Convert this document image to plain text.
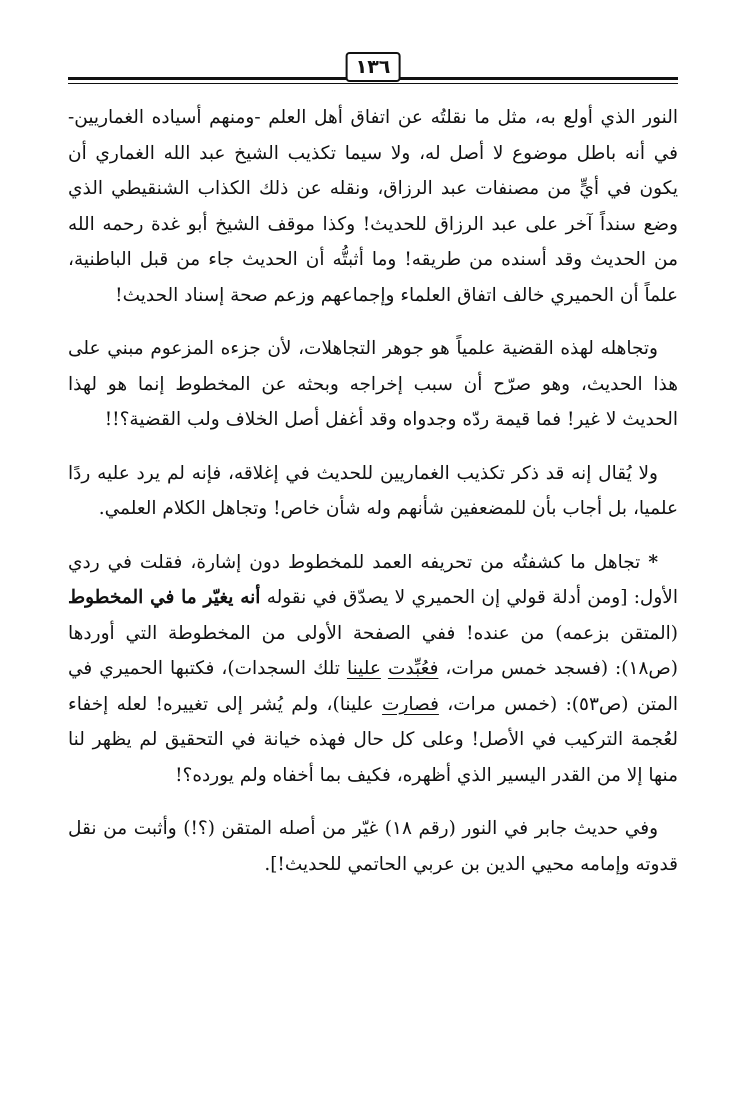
١٣٦

النور الذي أولع به، مثل ما نقلتُه عن اتفاق أهل العلم -ومنهم أسياده الغماريين- في أنه باطل موضوع لا أصل له، ولا سيما تكذيب الشيخ عبد الله الغماري أن يكون في أيٍّ من مصنفات عبد الرزاق، ونقله عن ذلك الكذاب الشنقيطي الذي وضع سنداً آخر على عبد الرزاق للحديث! وكذا موقف الشيخ أبو غدة رحمه الله من الحديث وقد أسنده من طريقه! وما أثبتُّه أن الحديث جاء من قبل الباطنية، علماً أن الحميري خالف اتفاق العلماء وإجماعهم وزعم صحة إسناد الحديث!

وتجاهله لهذه القضية علمياً هو جوهر التجاهلات، لأن جزءه المزعوم مبني على هذا الحديث، وهو صرّح أن سبب إخراجه وبحثه عن المخطوط إنما هو لهذا الحديث لا غير! فما قيمة ردّه وجدواه وقد أغفل أصل الخلاف ولب القضية؟!!

ولا يُقال إنه قد ذكر تكذيب الغماريين للحديث في إغلاقه، فإنه لم يرد عليه ردًا علميا، بل أجاب بأن للمضعفين شأنهم وله شأن خاص! وتجاهل الكلام العلمي.

* تجاهل ما كشفتُه من تحريفه العمد للمخطوط دون إشارة، فقلت في ردي الأول: [ومن أدلة قولي إن الحميري لا يصدّق في نقوله أنه يغيّر ما في المخطوط (المتقن بزعمه) من عنده! ففي الصفحة الأولى من المخطوطة التي أوردها (ص١٨): (فسجد خمس مرات، فعُبِّدت علينا تلك السجدات)، فكتبها الحميري في المتن (ص٥٣): (خمس مرات، فصارت علينا)، ولم يُشر إلى تغييره! لعله إخفاء لعُجمة التركيب في الأصل! وعلى كل حال فهذه خيانة في التحقيق لم يظهر لنا منها إلا من القدر اليسير الذي أظهره، فكيف بما أخفاه ولم يورده؟!

وفي حديث جابر في النور (رقم ١٨) غيّر من أصله المتقن (؟!) وأثبت من نقل قدوته وإمامه محيي الدين بن عربي الحاتمي للحديث!].
